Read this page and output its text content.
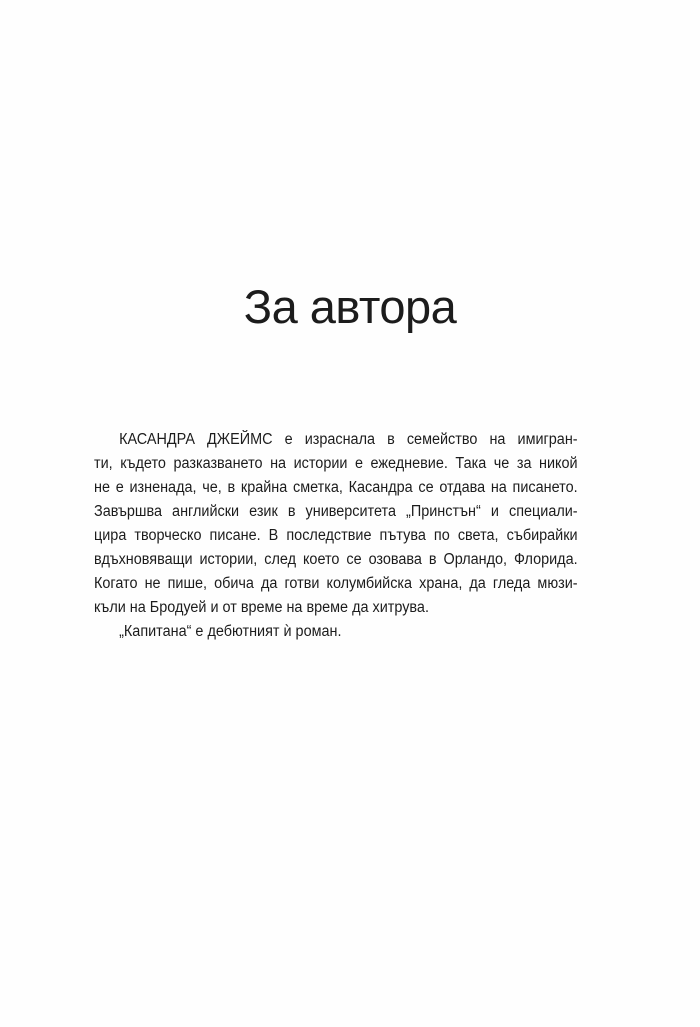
За автора
КАСАНДРА ДЖЕЙМС е израснала в семейство на имигран-
ти, където разказването на истории е ежедневие. Така че за никой
не е изненада, че, в крайна сметка, Касандра се отдава на писането.
Завършва английски език в университета „Принстън“ и специали-
цира творческо писане. В последствие пътува по света, събирайки
вдъхновяващи истории, след което се озовава в Орландо, Флорида.
Когато не пише, обича да готви колумбийска храна, да гледа мюзи-
къли на Бродуей и от време на време да хитрува.
„Капитана“ е дебютният ѝ роман.
